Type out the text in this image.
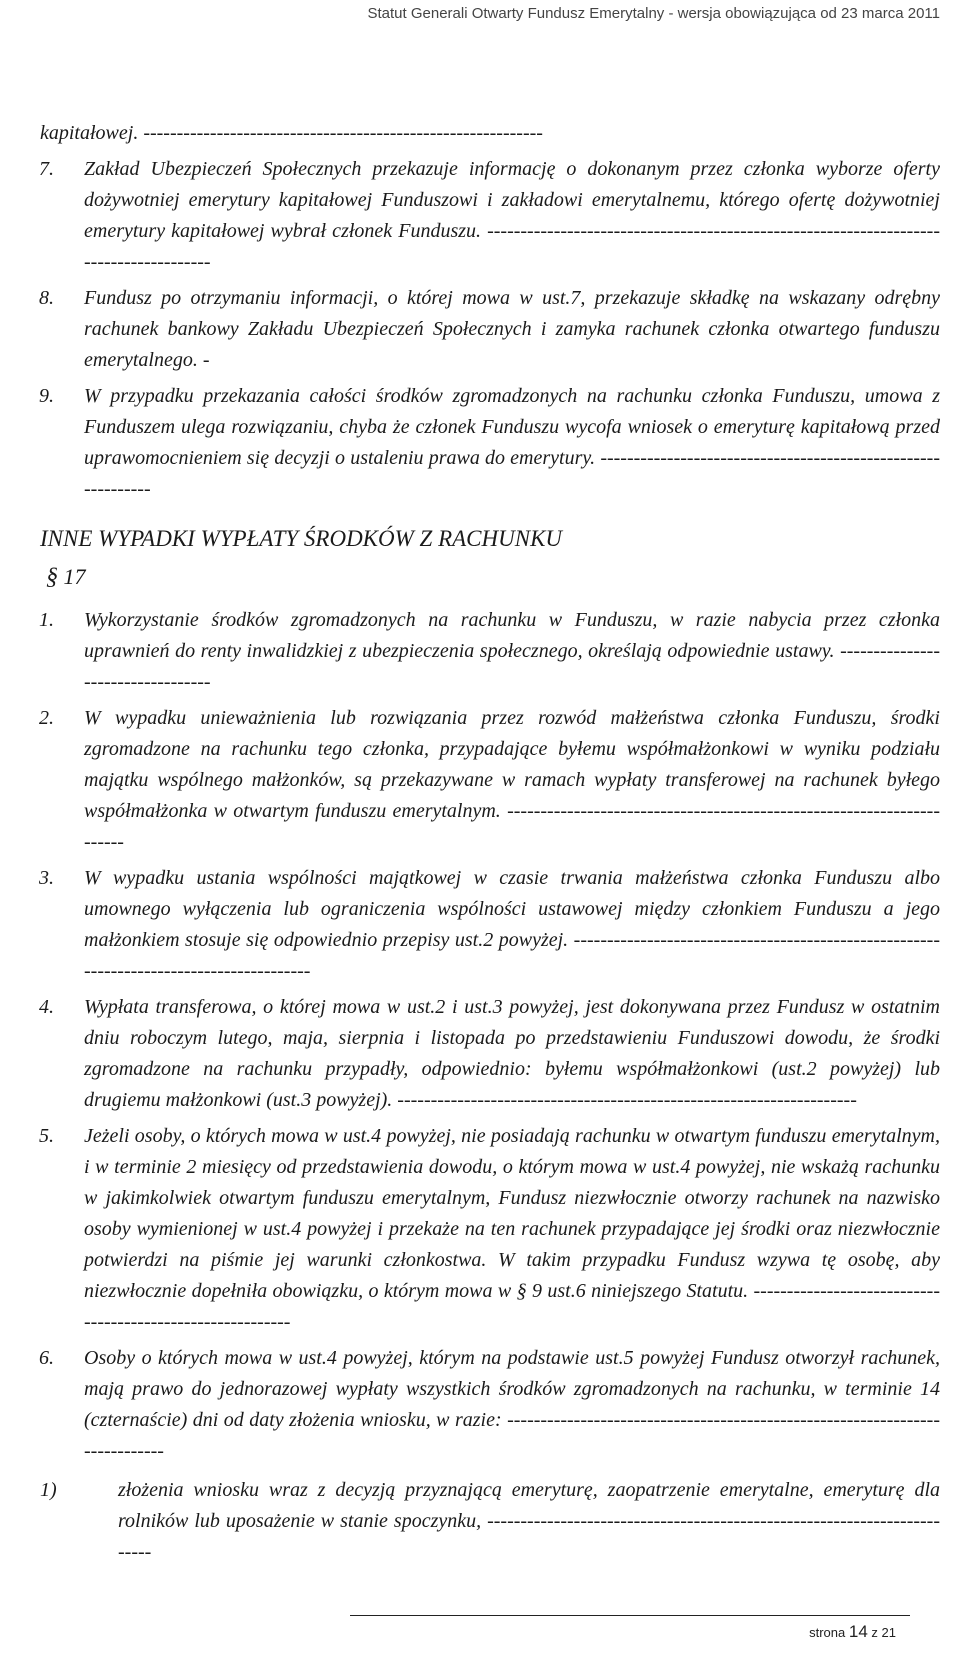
Statut Generali Otwarty Fundusz Emerytalny - wersja obowiązująca od 23 marca 2011
kapitałowej. ------------------------------------------------------------
7. Zakład Ubezpieczeń Społecznych przekazuje informację o dokonanym przez członka wyborze oferty dożywotniej emerytury kapitałowej Funduszowi i zakładowi emerytalnemu, którego ofertę dożywotniej emerytury kapitałowej wybrał członek Funduszu. ---------------------------------------------------------------------------------------
8. Fundusz po otrzymaniu informacji, o której mowa w ust.7, przekazuje składkę na wskazany odrębny rachunek bankowy Zakładu Ubezpieczeń Społecznych i zamyka rachunek członka otwartego funduszu emerytalnego. -
9. W przypadku przekazania całości środków zgromadzonych na rachunku członka Funduszu, umowa z Funduszem ulega rozwiązaniu, chyba że członek Funduszu wycofa wniosek o emeryturę kapitałową przed uprawomocnieniem się decyzji o ustaleniu prawa do emerytury. -------------------------------------------------------------
INNE WYPADKI WYPŁATY ŚRODKÓW Z RACHUNKU
§ 17
1. Wykorzystanie środków zgromadzonych na rachunku w Funduszu, w razie nabycia przez członka uprawnień do renty inwalidzkiej z ubezpieczenia społecznego, określają odpowiednie ustawy. ----------------------------------
2. W wypadku unieważnienia lub rozwiązania przez rozwód małżeństwa członka Funduszu, środki zgromadzone na rachunku tego członka, przypadające byłemu współmałżonkowi w wyniku podziału majątku wspólnego małżonków, są przekazywane w ramach wypłaty transferowej na rachunek byłego współmałżonka w otwartym funduszu emerytalnym. -----------------------------------------------------------------------
3. W wypadku ustania wspólności majątkowej w czasie trwania małżeństwa członka Funduszu albo umownego wyłączenia lub ograniczenia wspólności ustawowej między członkiem Funduszu a jego małżonkiem stosuje się odpowiednio przepisy ust.2 powyżej. -----------------------------------------------------------------------------------------
4. Wypłata transferowa, o której mowa w ust.2 i ust.3 powyżej, jest dokonywana przez Fundusz w ostatnim dniu roboczym lutego, maja, sierpnia i listopada po przedstawieniu Funduszowi dowodu, że środki zgromadzone na rachunku przypadły, odpowiednio: byłemu współmałżonkowi (ust.2 powyżej) lub drugiemu małżonkowi (ust.3 powyżej). ---------------------------------------------------------------------
5. Jeżeli osoby, o których mowa w ust.4 powyżej, nie posiadają rachunku w otwartym funduszu emerytalnym, i w terminie 2 miesięcy od przedstawienia dowodu, o którym mowa w ust.4 powyżej, nie wskażą rachunku w jakimkolwiek otwartym funduszu emerytalnym, Fundusz niezwłocznie otworzy rachunek na nazwisko osoby wymienionej w ust.4 powyżej i przekaże na ten rachunek przypadające jej środki oraz niezwłocznie potwierdzi na piśmie jej warunki członkostwa. W takim przypadku Fundusz wzywa tę osobę, aby niezwłocznie dopełniła obowiązku, o którym mowa w § 9 ust.6 niniejszego Statutu. -----------------------------------------------------------
6. Osoby o których mowa w ust.4 powyżej, którym na podstawie ust.5 powyżej Fundusz otworzył rachunek, mają prawo do jednorazowej wypłaty wszystkich środków zgromadzonych na rachunku, w terminie 14 (czternaście) dni od daty złożenia wniosku, w razie: -----------------------------------------------------------------------------
1)	złożenia wniosku wraz z decyzją przyznającą emeryturę, zaopatrzenie emerytalne, emeryturę dla rolników lub uposażenie w stanie spoczynku, -------------------------------------------------------------------------
strona 14 z 21
